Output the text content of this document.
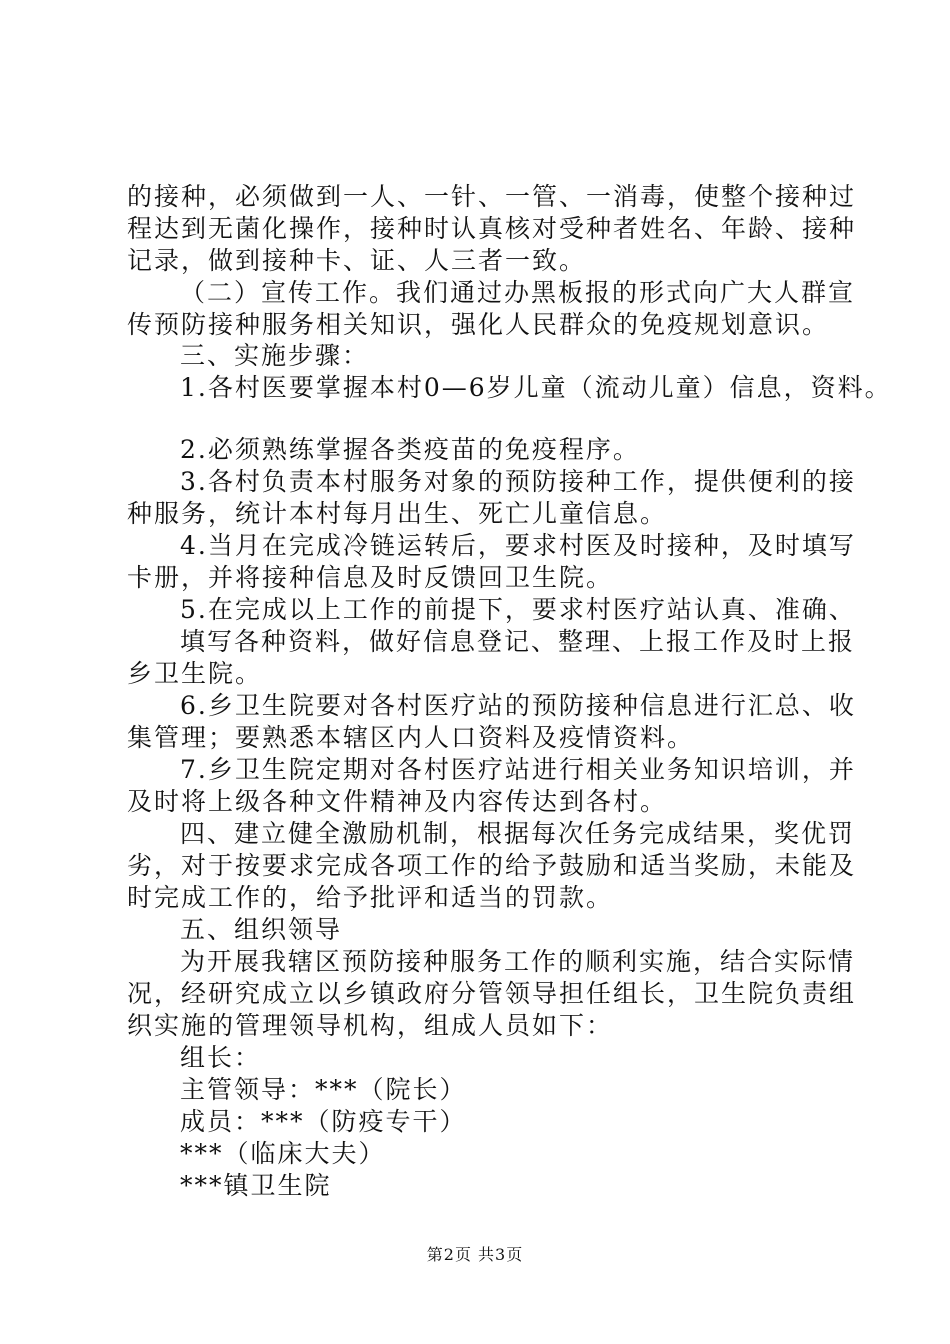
的接种，必须做到一人、一针、一管、一消毒，使整个接种过
程达到无菌化操作，接种时认真核对受种者姓名、年龄、接种
记录，做到接种卡、证、人三者一致。
（二）宣传工作。我们通过办黑板报的形式向广大人群宣
传预防接种服务相关知识，强化人民群众的免疫规划意识。
三、实施步骤：
1.各村医要掌握本村0—6岁儿童（流动儿童）信息，资料。
2.必须熟练掌握各类疫苗的免疫程序。
3.各村负责本村服务对象的预防接种工作，提供便利的接
种服务，统计本村每月出生、死亡儿童信息。
4.当月在完成冷链运转后，要求村医及时接种，及时填写
卡册，并将接种信息及时反馈回卫生院。
5.在完成以上工作的前提下，要求村医疗站认真、准确、
填写各种资料，做好信息登记、整理、上报工作及时上报
乡卫生院。
6.乡卫生院要对各村医疗站的预防接种信息进行汇总、收
集管理；要熟悉本辖区内人口资料及疫情资料。
7.乡卫生院定期对各村医疗站进行相关业务知识培训，并
及时将上级各种文件精神及内容传达到各村。
四、建立健全激励机制，根据每次任务完成结果，奖优罚
劣，对于按要求完成各项工作的给予鼓励和适当奖励，未能及
时完成工作的，给予批评和适当的罚款。
五、组织领导
为开展我辖区预防接种服务工作的顺利实施，结合实际情
况，经研究成立以乡镇政府分管领导担任组长，卫生院负责组
织实施的管理领导机构，组成人员如下：
组长：
主管领导：***（院长）
成员：***（防疫专干）
***（临床大夫）
***镇卫生院
第2页 共3页
